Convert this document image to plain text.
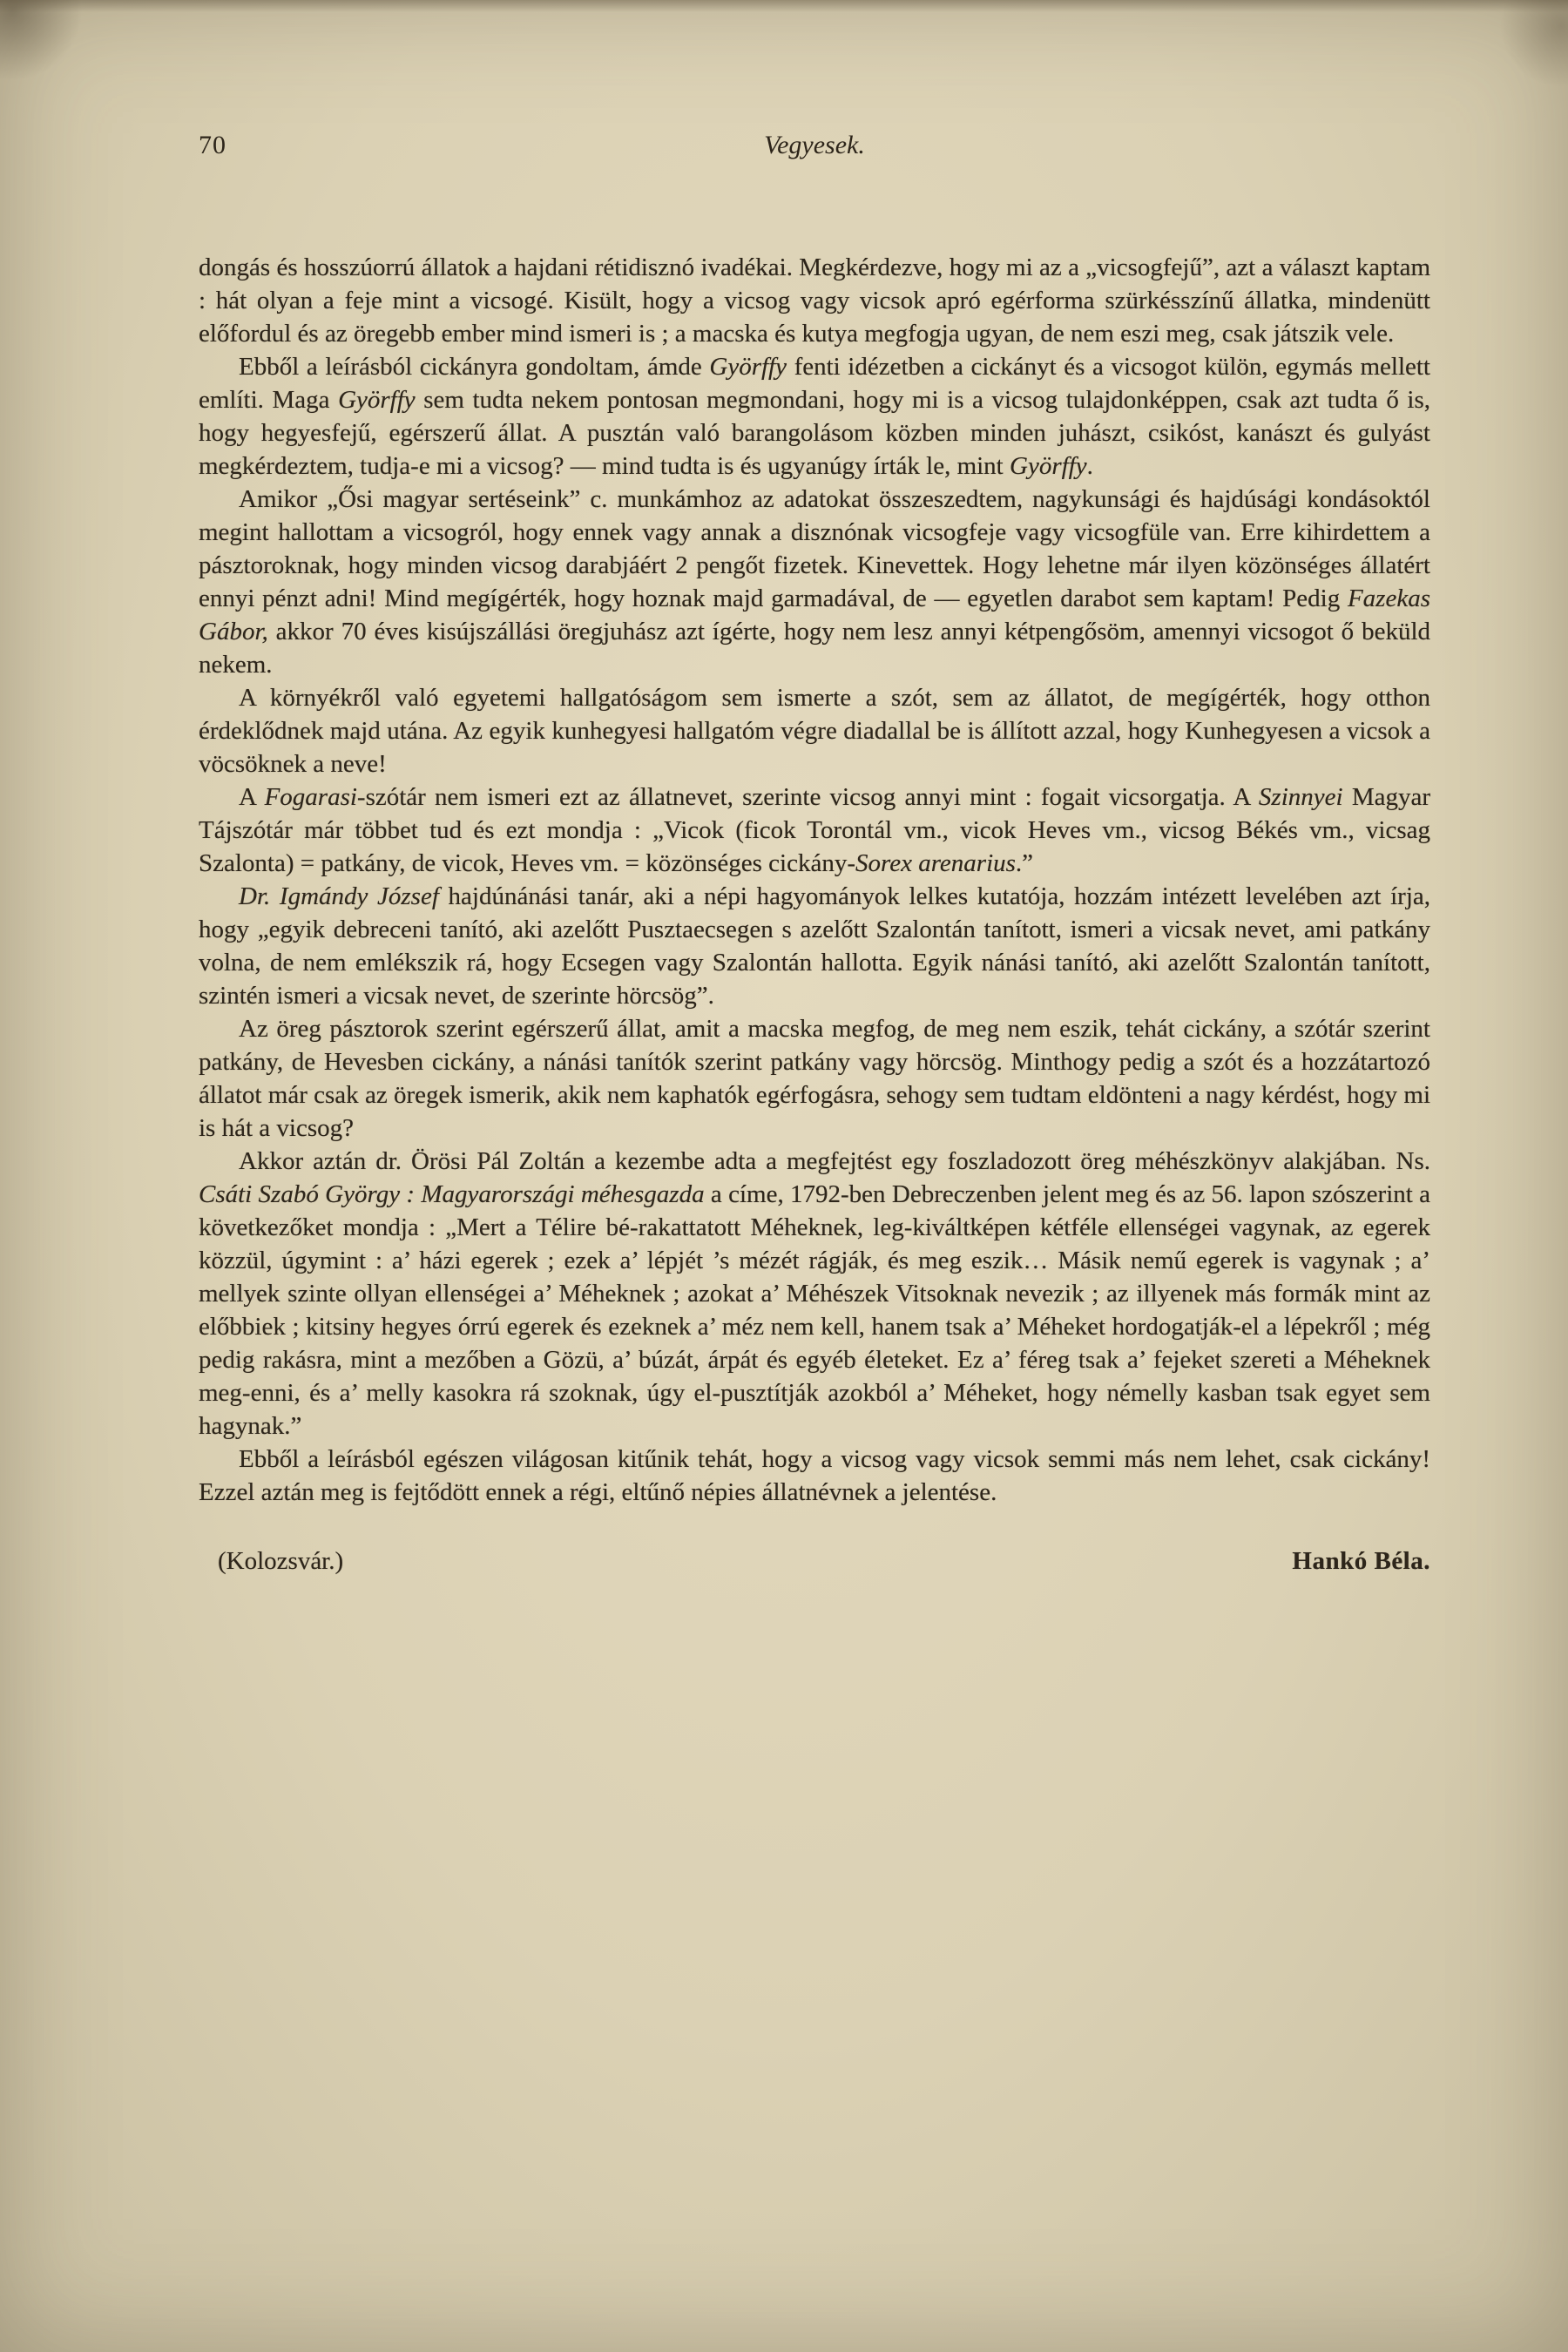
70	Vegyesek.

dongás és hosszúorrú állatok a hajdani rétidisznó ivadékai. Megkérdezve, hogy mi az a „vicsogfejű”, azt a választ kaptam : hát olyan a feje mint a vicsogé. Kisült, hogy a vicsog vagy vicsok apró egérforma szürkésszínű állatka, mindenütt előfordul és az öregebb ember mind ismeri is ; a macska és kutya megfogja ugyan, de nem eszi meg, csak játszik vele.

Ebből a leírásból cickányra gondoltam, ámde Györffy fenti idézetben a cickányt és a vicsogot külön, egymás mellett említi. Maga Györffy sem tudta nekem pontosan megmondani, hogy mi is a vicsog tulajdonképpen, csak azt tudta ő is, hogy hegyesfejű, egérszerű állat. A pusztán való barangolásom közben minden juhászt, csikóst, kanászt és gulyást megkérdeztem, tudja-e mi a vicsog? — mind tudta is és ugyanúgy írták le, mint Györffy.

Amikor „Ősi magyar sertéseink” c. munkámhoz az adatokat összeszedtem, nagykunsági és hajdúsági kondásoktól megint hallottam a vicsogról, hogy ennek vagy annak a disznónak vicsogfeje vagy vicsogfüle van. Erre kihirdettem a pásztoroknak, hogy minden vicsog darabjáért 2 pengőt fizetek. Kinevettek. Hogy lehetne már ilyen közönséges állatért ennyi pénzt adni! Mind megígérték, hogy hoznak majd garmadával, de — egyetlen darabot sem kaptam! Pedig Fazekas Gábor, akkor 70 éves kisújszállási öregjuhász azt ígérte, hogy nem lesz annyi kétpengősöm, amennyi vicsogot ő beküld nekem.

A környékről való egyetemi hallgatóságom sem ismerte a szót, sem az állatot, de megígérték, hogy otthon érdeklődnek majd utána. Az egyik kunhegyesi hallgatóm végre diadallal be is állított azzal, hogy Kunhegyesen a vicsok a vöcsöknek a neve!

A Fogarasi-szótár nem ismeri ezt az állatnevet, szerinte vicsog annyi mint : fogait vicsorgatja. A Szinnyei Magyar Tájszótár már többet tud és ezt mondja : „Vicok (ficok Torontál vm., vicok Heves vm., vicsog Békés vm., vicsag Szalonta) = patkány, de vicok, Heves vm. = közönséges cickány-Sorex arenarius.”

Dr. Igmándy József hajdúnánási tanár, aki a népi hagyományok lelkes kutatója, hozzám intézett levelében azt írja, hogy „egyik debreceni tanító, aki azelőtt Pusztaecsegen s azelőtt Szalontán tanított, ismeri a vicsak nevet, ami patkány volna, de nem emlékszik rá, hogy Ecsegen vagy Szalontán hallotta. Egyik nánási tanító, aki azelőtt Szalontán tanított, szintén ismeri a vicsak nevet, de szerinte hörcsög”.

Az öreg pásztorok szerint egérszerű állat, amit a macska megfog, de meg nem eszik, tehát cickány, a szótár szerint patkány, de Hevesben cickány, a nánási tanítók szerint patkány vagy hörcsög. Minthogy pedig a szót és a hozzátartozó állatot már csak az öregek ismerik, akik nem kaphatók egérfogásra, sehogy sem tudtam eldönteni a nagy kérdést, hogy mi is hát a vicsog?

Akkor aztán dr. Örösi Pál Zoltán a kezembe adta a megfejtést egy foszladozott öreg méhészkönyv alakjában. Ns. Csáti Szabó György : Magyarországi méhesgazda a címe, 1792-ben Debreczenben jelent meg és az 56. lapon szószerint a következőket mondja : „Mert a Télire bé-rakattatott Méheknek, leg-kiváltképen kétféle ellenségei vagynak, az egerek közzül, úgymint : a’ házi egerek ; ezek a’ lépjét ’s mézét rágják, és meg eszik… Másik nemű egerek is vagynak ; a’ mellyek szinte ollyan ellenségei a’ Méheknek ; azokat a’ Méhészek Vitsoknak nevezik ; az illyenek más formák mint az előbbiek ; kitsiny hegyes órrú egerek és ezeknek a’ méz nem kell, hanem tsak a’ Méheket hordogatják-el a lépekről ; még pedig rakásra, mint a mezőben a Gözü, a’ búzát, árpát és egyéb életeket. Ez a’ féreg tsak a’ fejeket szereti a Méheknek meg-enni, és a’ melly kasokra rá szoknak, úgy el-pusztítják azokból a’ Méheket, hogy némelly kasban tsak egyet sem hagynak.”

Ebből a leírásból egészen világosan kitűnik tehát, hogy a vicsog vagy vicsok semmi más nem lehet, csak cickány! Ezzel aztán meg is fejtődött ennek a régi, eltűnő népies állatnévnek a jelentése.

(Kolozsvár.)	Hankó Béla.
